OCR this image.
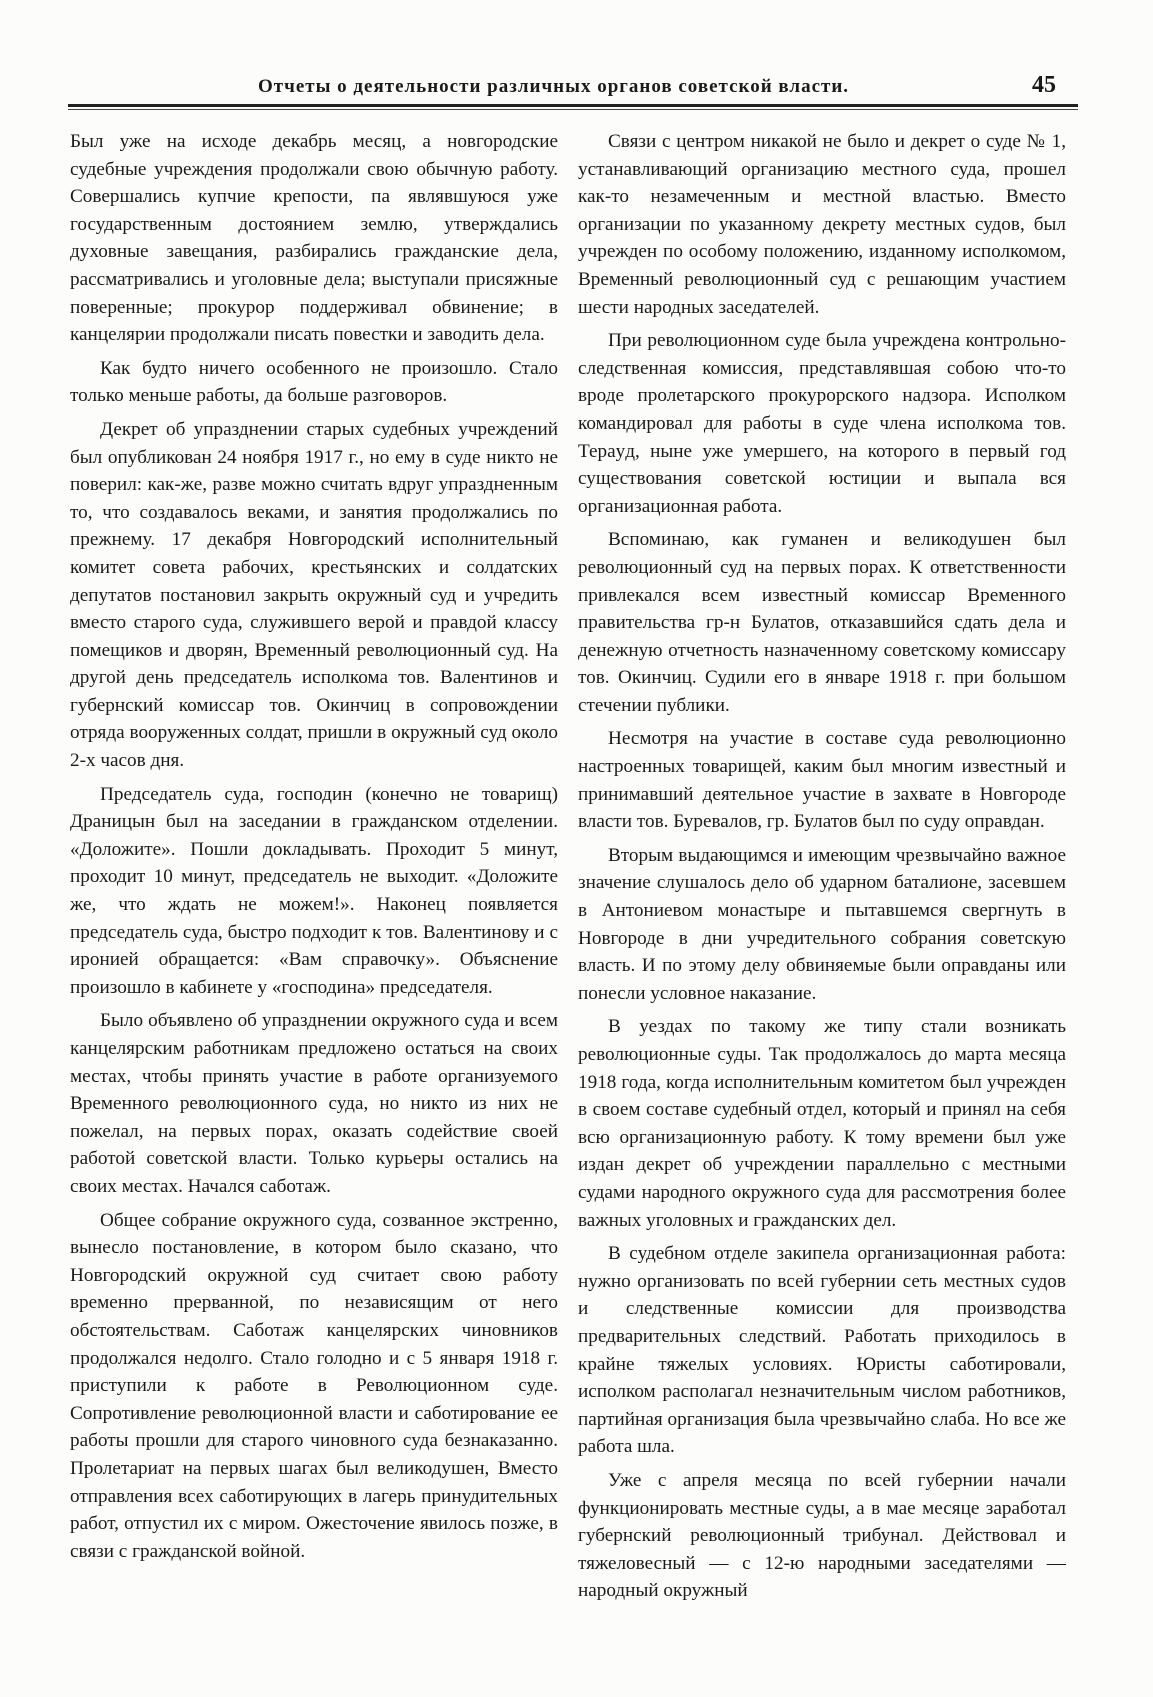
Отчеты о деятельности различных органов советской власти.	45

Был уже на исходе декабрь месяц, а новгородские судебные учреждения продолжали свою обычную работу. Совершались купчие крепости, па являвшуюся уже государственным достоянием землю, утверждались духовные завещания, разбирались гражданские дела, рассматривались и уголовные дела; выступали присяжные поверенные; прокурор поддерживал обвинение; в канцелярии продолжали писать повестки и заводить дела.

Как будто ничего особенного не произошло. Стало только меньше работы, да больше разговоров.

Декрет об упразднении старых судебных учреждений был опубликован 24 ноября 1917 г., но ему в суде никто не поверил: как-же, разве можно считать вдруг упраздненным то, что создавалось веками, и занятия продолжались по прежнему. 17 декабря Новгородский исполнительный комитет совета рабочих, крестьянских и солдатских депутатов постановил закрыть окружный суд и учредить вместо старого суда, служившего верой и правдой классу помещиков и дворян, Временный революционный суд. На другой день председатель исполкома тов. Валентинов и губернский комиссар тов. Окинчиц в сопровождении отряда вооруженных солдат, пришли в окружный суд около 2-х часов дня.

Председатель суда, господин (конечно не товарищ) Драницын был на заседании в гражданском отделении. «Доложите». Пошли докладывать. Проходит 5 минут, проходит 10 минут, председатель не выходит. «Доложите же, что ждать не можем!». Наконец появляется председатель суда, быстро подходит к тов. Валентинову и с иронией обращается: «Вам справочку». Объяснение произошло в кабинете у «господина» председателя.

Было объявлено об упразднении окружного суда и всем канцелярским работникам предложено остаться на своих местах, чтобы принять участие в работе организуемого Временного революционного суда, но никто из них не пожелал, на первых порах, оказать содействие своей работой советской власти. Только курьеры остались на своих местах. Начался саботаж.

Общее собрание окружного суда, созванное экстренно, вынесло постановление, в котором было сказано, что Новгородский окружной суд считает свою работу временно прерванной, по независящим от него обстоятельствам. Саботаж канцелярских чиновников продолжался недолго. Стало голодно и с 5 января 1918 г. приступили к работе в Революционном суде. Сопротивление революционной власти и саботирование ее работы прошли для старого чиновного суда безнаказанно. Пролетариат на первых шагах был великодушен, Вместо отправления всех саботирующих в лагерь принудительных работ, отпустил их с миром. Ожесточение явилось позже, в связи с гражданской войной.

Связи с центром никакой не было и декрет о суде № 1, устанавливающий организацию местного суда, прошел как-то незамеченным и местной властью. Вместо организации по указанному декрету местных судов, был учрежден по особому положению, изданному исполкомом, Временный революционный суд с решающим участием шести народных заседателей.

При революционном суде была учреждена контрольно-следственная комиссия, представлявшая собою что-то вроде пролетарского прокурорского надзора. Исполком командировал для работы в суде члена исполкома тов. Тераyд, ныне уже умершего, на которого в первый год существования советской юстиции и выпала вся организационная работа.

Вспоминаю, как гуманен и великодушен был революционный суд на первых порах. К ответственности привлекался всем известный комиссар Временного правительства гр-н Булатов, отказавшийся сдать дела и денежную отчетность назначенному советскому комиссару тов. Окинчиц. Судили его в январе 1918 г. при большом стечении публики.

Несмотря на участие в составе суда революционно настроенных товарищей, каким был многим известный и принимавший деятельное участие в захвате в Новгороде власти тов. Буревалов, гр. Булатов был по суду оправдан.

Вторым выдающимся и имеющим чрезвычайно важное значение слушалось дело об ударном баталионе, засевшем в Антониевом монастыре и пытавшемся свергнуть в Новгороде в дни учредительного собрания советскую власть. И по этому делу обвиняемые были оправданы или понесли условное наказание.

В уездах по такому же типу стали возникать революционные суды. Так продолжалось до марта месяца 1918 года, когда исполнительным комитетом был учрежден в своем составе судебный отдел, который и принял на себя всю организационную работу. К тому времени был уже издан декрет об учреждении параллельно с местными судами народного окружного суда для рассмотрения более важных уголовных и гражданских дел.

В судебном отделе закипела организационная работа: нужно организовать по всей губернии сеть местных судов и следственные комиссии для производства предварительных следствий. Работать приходилось в крайне тяжелых условиях. Юристы саботировали, исполком располагал незначительным числом работников, партийная организация была чрезвычайно слаба. Но все же работа шла.

Уже с апреля месяца по всей губернии начали функционировать местные суды, а в мае месяце заработал губернский революционный трибунал. Действовал и тяжеловесный — с 12-ю народными заседателями — народный окружный
